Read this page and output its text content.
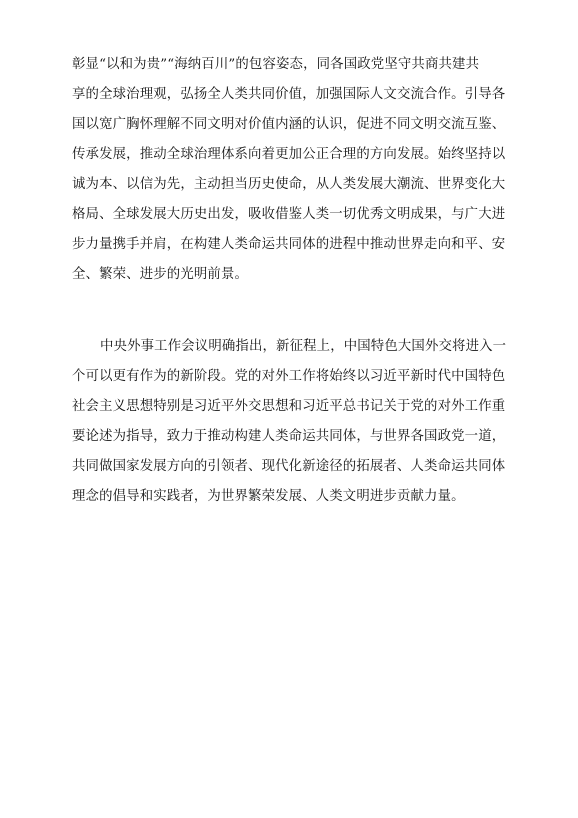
彰显“以和为贵”“海纳百川”的包容姿态，同各国政党坚守共商共建共
享的全球治理观，弘扬全人类共同价值，加强国际人文交流合作。引导各
国以宽广胸怀理解不同文明对价值内涵的认识，促进不同文明交流互鉴、
传承发展，推动全球治理体系向着更加公正合理的方向发展。始终坚持以
诚为本、以信为先，主动担当历史使命，从人类发展大潮流、世界变化大
格局、全球发展大历史出发，吸收借鉴人类一切优秀文明成果，与广大进
步力量携手并肩，在构建人类命运共同体的进程中推动世界走向和平、安
全、繁荣、进步的光明前景。
中央外事工作会议明确指出，新征程上，中国特色大国外交将进入一
个可以更有作为的新阶段。党的对外工作将始终以习近平新时代中国特色
社会主义思想特别是习近平外交思想和习近平总书记关于党的对外工作重
要论述为指导，致力于推动构建人类命运共同体，与世界各国政党一道，
共同做国家发展方向的引领者、现代化新途径的拓展者、人类命运共同体
理念的倡导和实践者，为世界繁荣发展、人类文明进步贡献力量。
